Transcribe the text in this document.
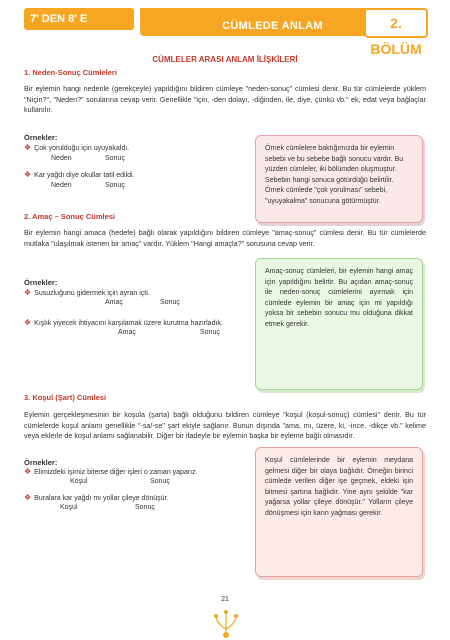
7' DEN 8' E
CÜMLEDE ANLAM	2. BÖLÜM
CÜMLELER ARASI ANLAM İLİŞKİLERİ
1. Neden-Sonuç Cümleleri
Bir eylemin hangi nedenle (gerekçeyle) yapıldığını bildiren cümleye "neden-sonuç" cümlesi denir. Bu tür cümlelerde yüklem "Niçin?", "Neden?" sorularına cevap verir. Genellikle "için, -den dolayı, -diğinden, ile, diye, çünkü vb." ek, edat veya bağlaçlar kullanılır.
Örnekler:
❖ Çok yorulduğu için uyuyakaldı.
Neden	Sonuç
❖ Kar yağdı diye okullar tatil edildi.
Neden	Sonuç
Örnek cümlelere baktığımızda bir eylemin sebebi ve bu sebebe bağlı sonucu vardır. Bu yüzden cümleler, iki bölümden oluşmuştur. Sebebin hangi sonuca götürdüğü belirtilir. Örnek cümlede "çok yorulması" sebebi, "uyuyakalma" sonucuna götürmüştür.
2. Amaç – Sonuç Cümlesi
Bir eylemin hangi amaca (hedefe) bağlı olarak yapıldığını bildiren cümleye "amaç-sonuç" cümlesi denir. Bu tür cümlelerde mutlaka "ulaşılmak istenen bir amaç" vardır. Yüklem "Hangi amaçla?" sorusuna cevap verir.
Örnekler:
❖ Susuzluğunu gidermek için ayran içti.
Amaç	Sonuç
❖ Kışlık yiyecek ihtiyacını karşılamak üzere kurutma hazırladık.
Amaç	Sonuç
Amaç-sonuç cümleleri, bir eylemin hangi amaç için yapıldığını belirtir. Bu açıdan amaç-sonuç ile neden-sonuç cümlelerini ayırmak için cümlede eylemin bir amaç için mi yapıldığı yoksa bir sebebin sonucu mu olduğuna dikkat etmek gerekir.
3. Koşul (Şart) Cümlesi
Eylemin gerçekleşmesinin bir koşula (şarta) bağlı olduğunu bildiren cümleye "koşul (koşul-sonuç) cümlesi" denir. Bu tür cümlelerde koşul anlamı genellikle "-sa/-se" şart ekiyle sağlanır. Bunun dışında "ama, mı, üzere, ki, -ince, -dikçe vb." kelime veya eklerle de koşul anlamı sağlanabilir. Diğer bir ifadeyle bir eylemin başka bir eyleme bağlı olmasıdır.
Örnekler:
❖ Elimizdeki işimiz biterse diğer işleri o zaman yaparız.
Koşul	Sonuç
❖ Buralara kar yağdı mı yollar çileye dönüşür.
Koşul	Sonuç
Koşul cümlelerinde bir eylemin meydana gelmesi diğer bir olaya bağlıdır. Örneğin birinci cümlede verilen diğer işe geçmek, eldeki işin bitmesi şartına bağlıdır. Yine aynı şekilde "kar yağarsa yollar çileye dönüşür." Yolların çileye dönüşmesi için karın yağması gerekir.
21
